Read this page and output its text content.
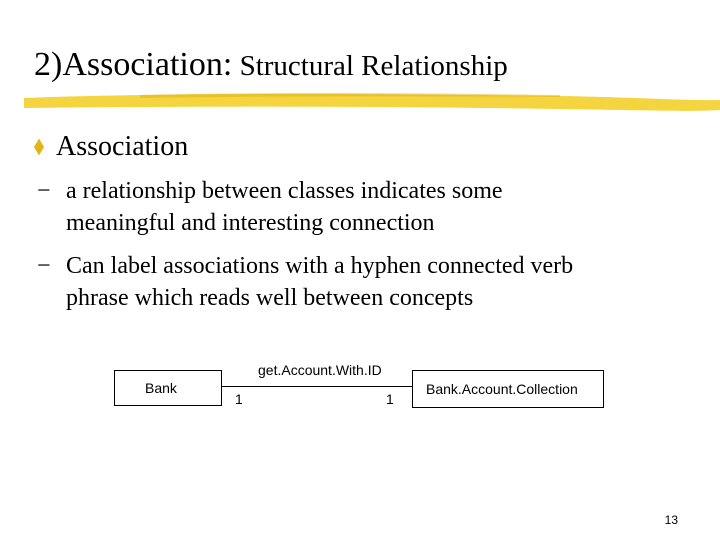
2)Association: Structural Relationship
Association
− a relationship between classes indicates some
meaningful and interesting connection
− Can label associations with a hyphen connected verb
phrase which reads well between concepts
Bank
get.Account.With.ID
1	1
Bank.Account.Collection
13
